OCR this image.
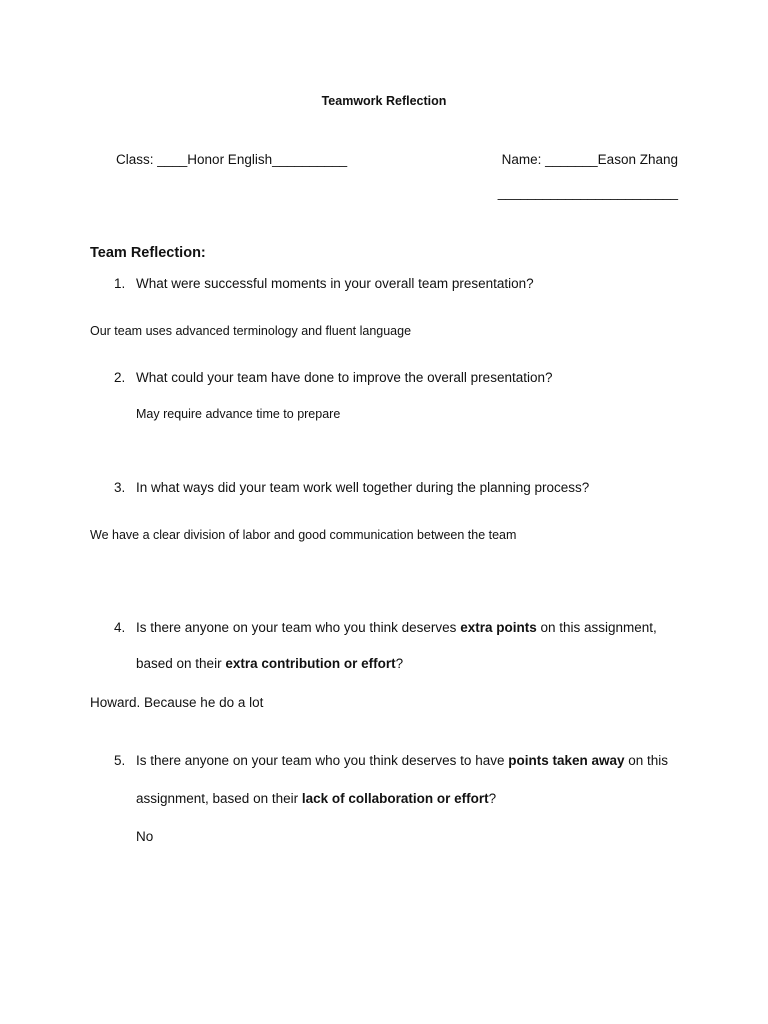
Teamwork Reflection
Class: ____Honor English__________	Name: _______Eason Zhang
________________________
Team Reflection:
1. What were successful moments in your overall team presentation?
Our team uses advanced terminology and fluent language
2. What could your team have done to improve the overall presentation?
May require advance time to prepare
3. In what ways did your team work well together during the planning process?
We have a clear division of labor and good communication between the team
4. Is there anyone on your team who you think deserves extra points on this assignment,
based on their extra contribution or effort?
Howard. Because he do a lot
5. Is there anyone on your team who you think deserves to have points taken away on this
assignment, based on their lack of collaboration or effort?
No
